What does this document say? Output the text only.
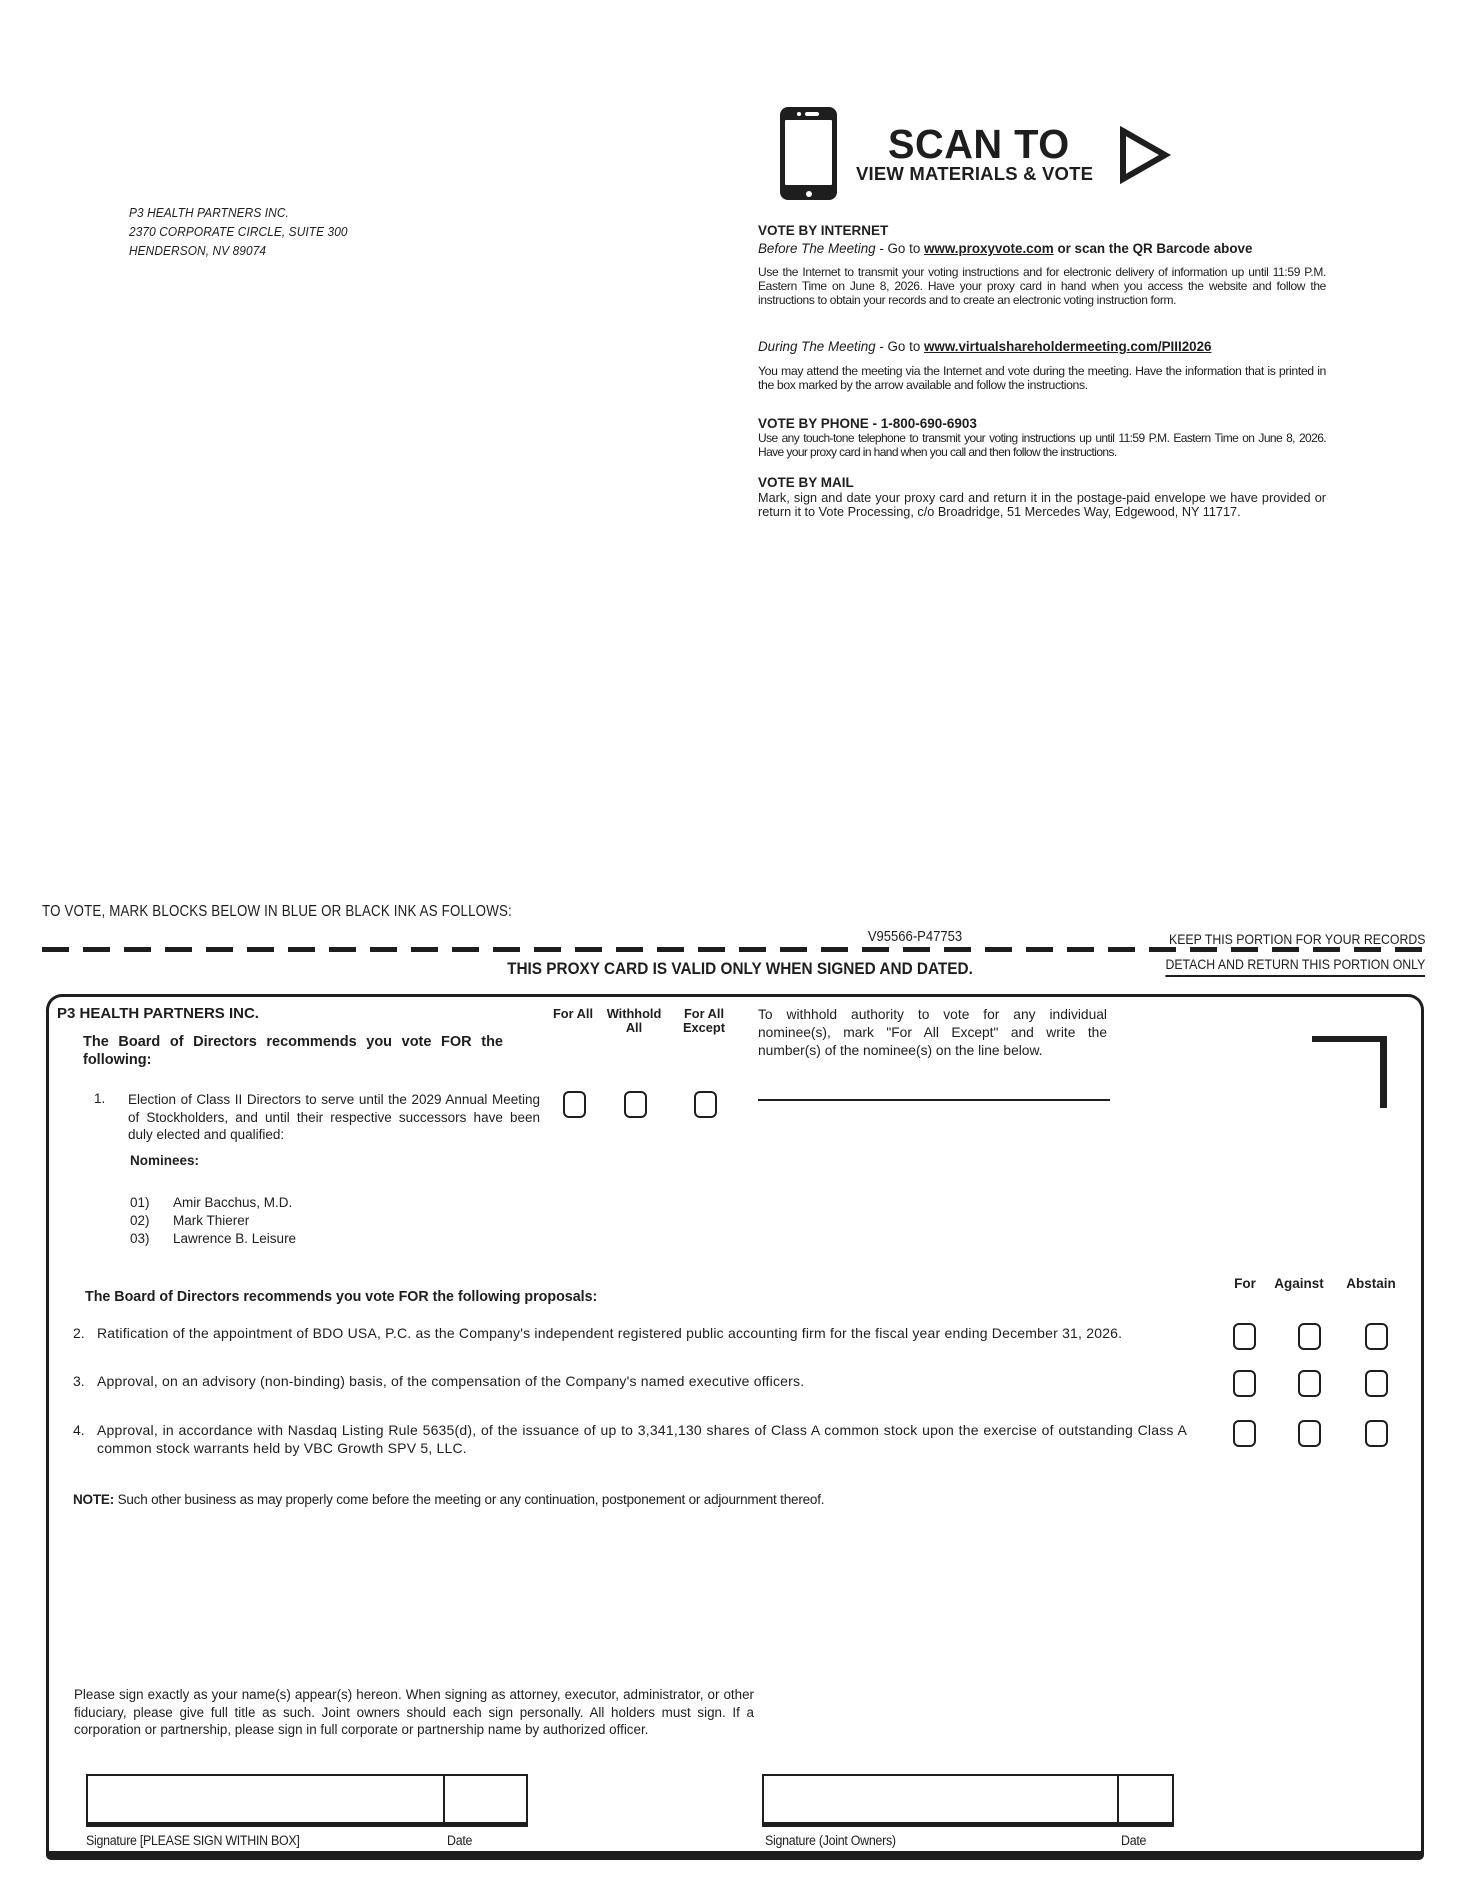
P3 HEALTH PARTNERS INC.
2370 CORPORATE CIRCLE, SUITE 300
HENDERSON, NV 89074
SCAN TO
VIEW MATERIALS & VOTE
VOTE BY INTERNET
Before The Meeting - Go to www.proxyvote.com or scan the QR Barcode above
Use the Internet to transmit your voting instructions and for electronic delivery of information up until 11:59 P.M. Eastern Time on June 8, 2026. Have your proxy card in hand when you access the website and follow the instructions to obtain your records and to create an electronic voting instruction form.
During The Meeting - Go to www.virtualshareholdermeeting.com/PIII2026
You may attend the meeting via the Internet and vote during the meeting. Have the information that is printed in the box marked by the arrow available and follow the instructions.
VOTE BY PHONE - 1-800-690-6903
Use any touch-tone telephone to transmit your voting instructions up until 11:59 P.M. Eastern Time on June 8, 2026. Have your proxy card in hand when you call and then follow the instructions.
VOTE BY MAIL
Mark, sign and date your proxy card and return it in the postage-paid envelope we have provided or return it to Vote Processing, c/o Broadridge, 51 Mercedes Way, Edgewood, NY 11717.
TO VOTE, MARK BLOCKS BELOW IN BLUE OR BLACK INK AS FOLLOWS:
V95566-P47753	KEEP THIS PORTION FOR YOUR RECORDS
THIS PROXY CARD IS VALID ONLY WHEN SIGNED AND DATED.	DETACH AND RETURN THIS PORTION ONLY
P3 HEALTH PARTNERS INC.
The Board of Directors recommends you vote FOR the following:
For All	Withhold All
For All Except
To withhold authority to vote for any individual nominee(s), mark "For All Except" and write the number(s) of the nominee(s) on the line below.
1. Election of Class II Directors to serve until the 2029 Annual Meeting of Stockholders, and until their respective successors have been duly elected and qualified:
Nominees:
01) Amir Bacchus, M.D.
02) Mark Thierer
03) Lawrence B. Leisure
The Board of Directors recommends you vote FOR the following proposals:
For	Against	Abstain
2. Ratification of the appointment of BDO USA, P.C. as the Company's independent registered public accounting firm for the fiscal year ending December 31, 2026.
3. Approval, on an advisory (non-binding) basis, of the compensation of the Company's named executive officers.
4. Approval, in accordance with Nasdaq Listing Rule 5635(d), of the issuance of up to 3,341,130 shares of Class A common stock upon the exercise of outstanding Class A common stock warrants held by VBC Growth SPV 5, LLC.
NOTE: Such other business as may properly come before the meeting or any continuation, postponement or adjournment thereof.
Please sign exactly as your name(s) appear(s) hereon. When signing as attorney, executor, administrator, or other fiduciary, please give full title as such. Joint owners should each sign personally. All holders must sign. If a corporation or partnership, please sign in full corporate or partnership name by authorized officer.
Signature [PLEASE SIGN WITHIN BOX]	Date	Signature (Joint Owners)	Date
